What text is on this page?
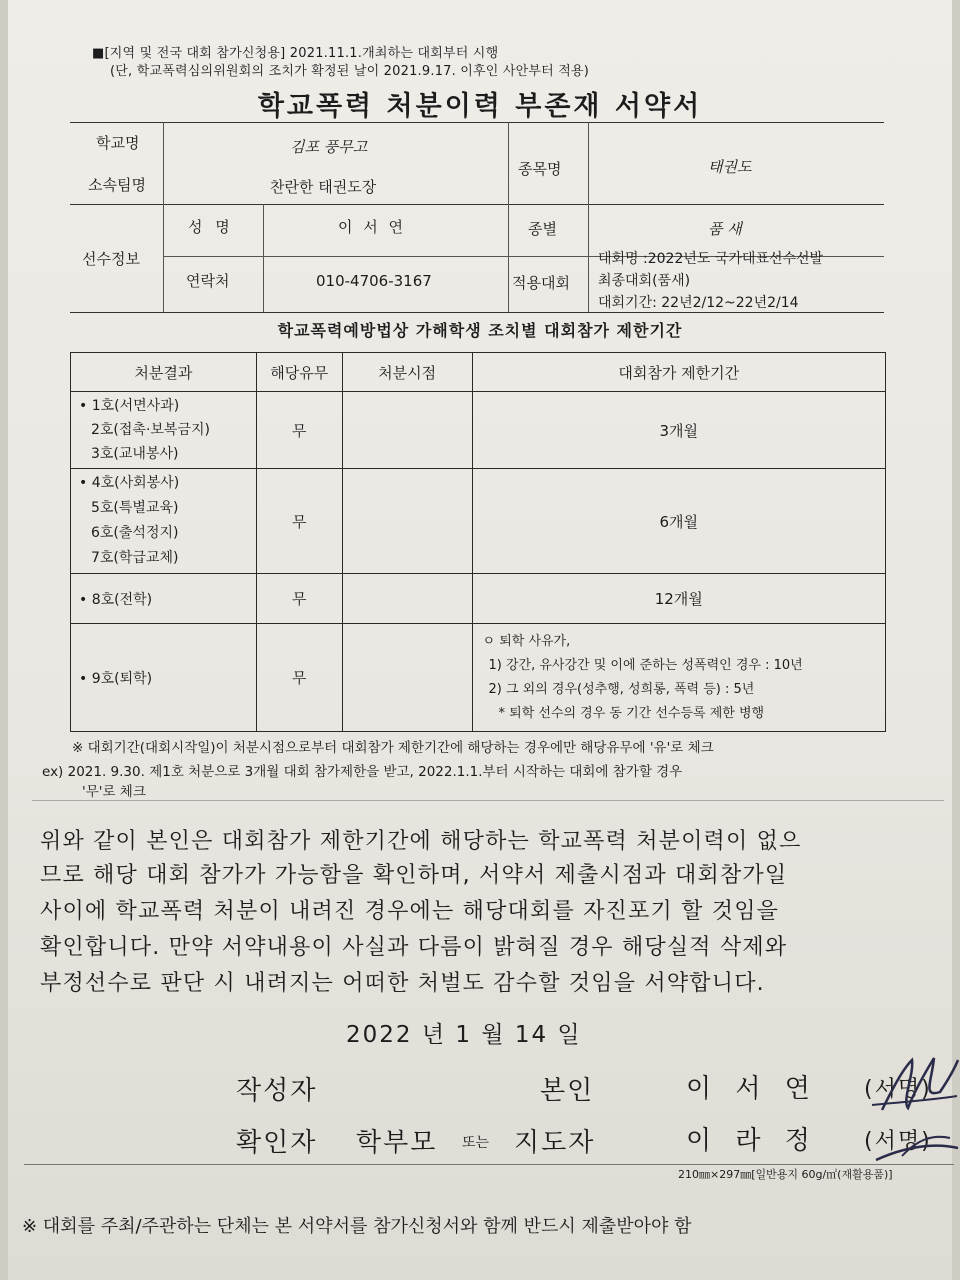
■[지역 및 전국 대회 참가신청용] 2021.11.1.개최하는 대회부터 시행
(단, 학교폭력심의위원회의 조치가 확정된 날이 2021.9.17. 이후인 사안부터 적용)
학교폭력 처분이력 부존재 서약서
학교명	김포 풍무고
소속팀명	찬란한 태권도장
종목명	태권도
선수정보
성 명	이 서 연	종별	품 새
연락처	010-4706-3167	적용대회
대회명 :2022년도 국가대표선수선발
최종대회(품새)
대회기간: 22년2/12~22년2/14
학교폭력예방법상 가해학생 조치별 대회참가 제한기간
처분결과	해당유무	처분시점	대회참가 제한기간

• 1호(서면사과)
2호(접촉·보복금지)
3호(교내봉사)	무		3개월

• 4호(사회봉사)
5호(특별교육)
6호(출석정지)
7호(학급교체)	무		6개월
• 8호(전학)	무		12개월
• 9호(퇴학)	무		ㅇ 퇴학 사유가,
1) 강간, 유사강간 및 이에 준하는 성폭력인 경우 : 10년
2) 그 외의 경우(성추행, 성희롱, 폭력 등) : 5년
* 퇴학 선수의 경우 동 기간 선수등록 제한 병행
※ 대회기간(대회시작일)이 처분시점으로부터 대회참가 제한기간에 해당하는 경우에만 해당유무에 '유'로 체크
ex) 2021. 9.30. 제1호 처분으로 3개월 대회 참가제한을 받고, 2022.1.1.부터 시작하는 대회에 참가할 경우
'무'로 체크
위와 같이 본인은 대회참가 제한기간에 해당하는 학교폭력 처분이력이 없으
므로 해당 대회 참가가 가능함을 확인하며, 서약서 제출시점과 대회참가일
사이에 학교폭력 처분이 내려진 경우에는 해당대회를 자진포기 할 것임을
확인합니다. 만약 서약내용이 사실과 다름이 밝혀질 경우 해당실적 삭제와
부정선수로 판단 시 내려지는 어떠한 처벌도 감수할 것임을 서약합니다.
2022 년 1 월 14 일
작성자	본인	이 서 연 (서명)
확인자 학부모 또는 지도자	이 라 정 (서명)
210㎜×297㎜[일반용지 60g/㎡(재활용품)]
※ 대회를 주최/주관하는 단체는 본 서약서를 참가신청서와 함께 반드시 제출받아야 함
